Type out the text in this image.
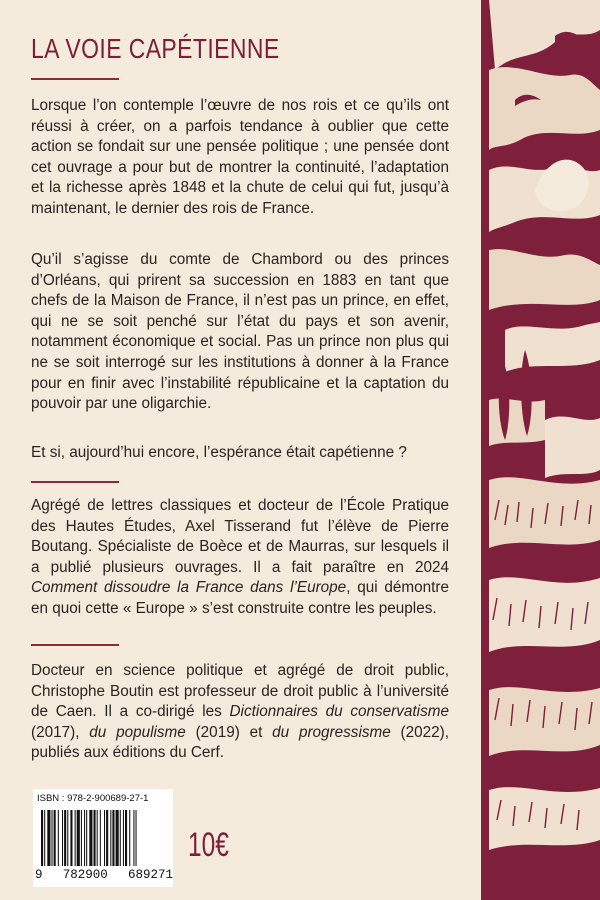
LA VOIE CAPÉTIENNE

Lorsque l’on contemple l’œuvre de nos rois et ce qu’ils ont réussi à créer, on a parfois tendance à oublier que cette action se fondait sur une pensée politique ; une pensée dont cet ouvrage a pour but de montrer la continuité, l’adaptation et la richesse après 1848 et la chute de celui qui fut, jusqu’à maintenant, le dernier des rois de France.

Qu’il s’agisse du comte de Chambord ou des princes d’Orléans, qui prirent sa succession en 1883 en tant que chefs de la Maison de France, il n’est pas un prince, en effet, qui ne se soit penché sur l’état du pays et son avenir, notamment économique et social. Pas un prince non plus qui ne se soit interrogé sur les institutions à donner à la France pour en finir avec l’instabilité républicaine et la captation du pouvoir par une oligarchie.

Et si, aujourd’hui encore, l’espérance était capétienne ?

Agrégé de lettres classiques et docteur de l’École Pratique des Hautes Études, Axel Tisserand fut l’élève de Pierre Boutang. Spécialiste de Boèce et de Maurras, sur lesquels il a publié plusieurs ouvrages. Il a fait paraître en 2024 Comment dissoudre la France dans l’Europe, qui démontre en quoi cette « Europe » s’est construite contre les peuples.

Docteur en science politique et agrégé de droit public, Christophe Boutin est professeur de droit public à l’université de Caen. Il a co-dirigé les Dictionnaires du conservatisme (2017), du populisme (2019) et du progressisme (2022), publiés aux éditions du Cerf.

ISBN : 978-2-900689-27-1
9 782900 689271
10€
